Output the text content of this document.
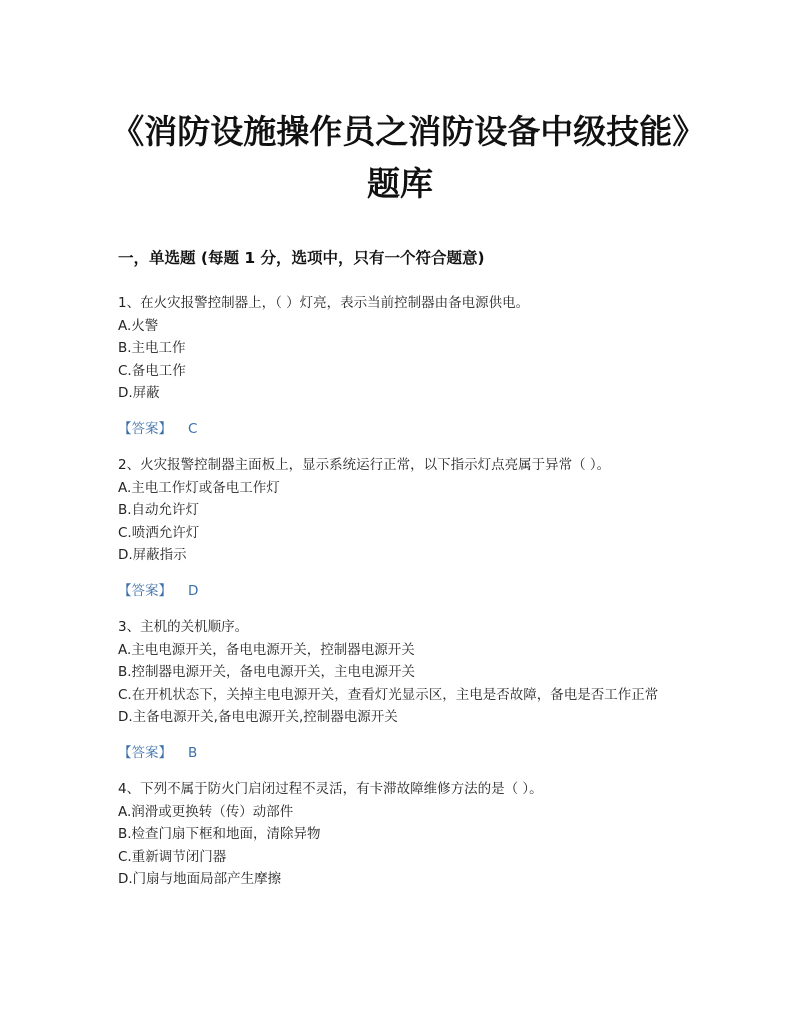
《消防设施操作员之消防设备中级技能》题库
一，单选题 (每题 1 分，选项中，只有一个符合题意)

1、在火灾报警控制器上，（ ）灯亮，表示当前控制器由备电源供电。

A.火警

B.主电工作

C.备电工作

D.屏蔽

【答案】 C

2、火灾报警控制器主面板上，显示系统运行正常，以下指示灯点亮属于异常（ ）。

A.主电工作灯或备电工作灯

B.自动允许灯

C.喷洒允许灯

D.屏蔽指示

【答案】 D

3、主机的关机顺序。

A.主电电源开关，备电电源开关，控制器电源开关

B.控制器电源开关，备电电源开关，主电电源开关

C.在开机状态下，关掉主电电源开关，查看灯光显示区，主电是否故障，备电是否工作正常

D.主备电源开关,备电电源开关,控制器电源开关

【答案】 B

4、下列不属于防火门启闭过程不灵活，有卡滞故障维修方法的是（ ）。

A.润滑或更换转（传）动部件

B.检查门扇下框和地面，清除异物

C.重新调节闭门器

D.门扇与地面局部产生摩擦
